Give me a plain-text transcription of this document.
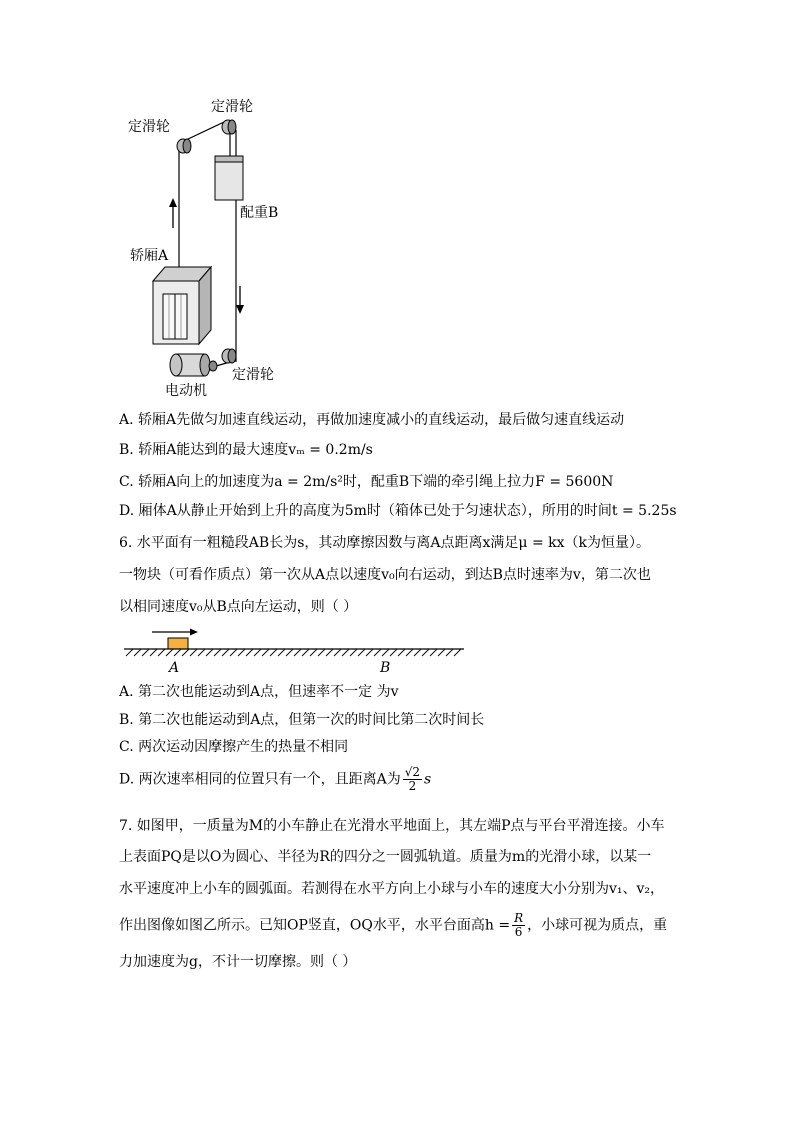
定滑轮
定滑轮
配重B
轿厢A
定滑轮
电动机
A. 轿厢A先做匀加速直线运动，再做加速度减小的直线运动，最后做匀速直线运动
B. 轿厢A能达到的最大速度vₘ = 0.2m/s
C. 轿厢A向上的加速度为a = 2m/s²时，配重B下端的牵引绳上拉力F = 5600N
D. 厢体A从静止开始到上升的高度为5m时（箱体已处于匀速状态），所用的时间t = 5.25s
6. 水平面有一粗糙段AB长为s，其动摩擦因数与离A点距离x满足μ = kx（k为恒量）。
一物块（可看作质点）第一次从A点以速度v₀向右运动，到达B点时速率为v，第二次也
以相同速度v₀从B点向左运动，则（ ）
A	B
A. 第二次也能运动到A点，但速率不一定 为v
B. 第二次也能运动到A点，但第一次的时间比第二次时间长
C. 两次运动因摩擦产生的热量不相同
D. 两次速率相同的位置只有一个，且距离A为 $\frac{√2}{2}$ s
7. 如图甲，一质量为M的小车静止在光滑水平地面上，其左端P点与平台平滑连接。小车
上表面PQ是以O为圆心、半径为R的四分之一圆弧轨道。质量为m的光滑小球，以某一
水平速度冲上小车的圆弧面。若测得在水平方向上小球与小车的速度大小分别为v₁、v₂，
作出图像如图乙所示。已知OP竖直，OQ水平，水平台面高$h = \frac{R}{6}$ ，小球可视为质点，重
力加速度为g，不计一切摩擦。则（ ）
